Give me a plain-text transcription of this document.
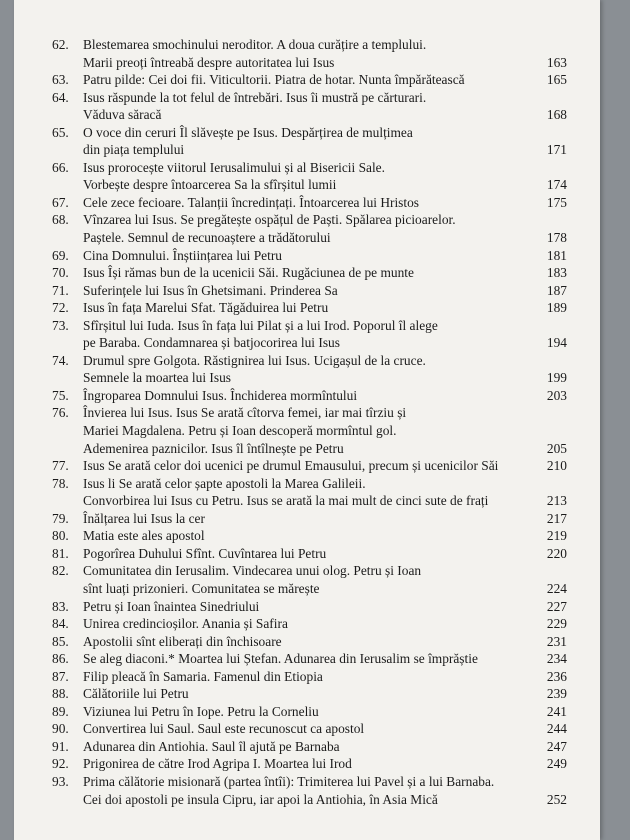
62.	Blestemarea smochinului neroditor. A doua curățire a templului.
Marii preoți întreabă despre autoritatea lui Isus	163
63.	Patru pilde: Cei doi fii. Viticultorii. Piatra de hotar. Nunta împărătească	165
64.	Isus răspunde la tot felul de întrebări. Isus îi mustră pe cărturari.
Văduva săracă	168
65.	O voce din ceruri Îl slăvește pe Isus. Despărțirea de mulțimea
din piața templului	171
66.	Isus prorocește viitorul Ierusalimului și al Bisericii Sale.
Vorbește despre întoarcerea Sa la sfîrșitul lumii	174
67.	Cele zece fecioare. Talanții încredințați. Întoarcerea lui Hristos	175
68.	Vînzarea lui Isus. Se pregătește ospățul de Paști. Spălarea picioarelor.
Paștele. Semnul de recunoaștere a trădătorului	178
69.	Cina Domnului. Înștiințarea lui Petru	181
70.	Isus Își rămas bun de la ucenicii Săi. Rugăciunea de pe munte	183
71.	Suferințele lui Isus în Ghetsimani. Prinderea Sa	187
72.	Isus în fața Marelui Sfat. Tăgăduirea lui Petru	189
73.	Sfîrșitul lui Iuda. Isus în fața lui Pilat și a lui Irod. Poporul îl alege
pe Baraba. Condamnarea și batjocorirea lui Isus	194
74.	Drumul spre Golgota. Răstignirea lui Isus. Ucigașul de la cruce.
Semnele la moartea lui Isus	199
75.	Îngroparea Domnului Isus. Închiderea mormîntului	203
76.	Învierea lui Isus. Isus Se arată cîtorva femei, iar mai tîrziu și
Mariei Magdalena. Petru și Ioan descoperă mormîntul gol.
Ademenirea paznicilor. Isus îl întîlnește pe Petru	205
77.	Isus Se arată celor doi ucenici pe drumul Emausului, precum și ucenicilor Săi	210
78.	Isus li Se arată celor șapte apostoli la Marea Galileii.
Convorbirea lui Isus cu Petru. Isus se arată la mai mult de cinci sute de frați	213
79.	Înălțarea lui Isus la cer	217
80.	Matia este ales apostol	219
81.	Pogorîrea Duhului Sfînt. Cuvîntarea lui Petru	220
82.	Comunitatea din Ierusalim. Vindecarea unui olog. Petru și Ioan
sînt luați prizonieri. Comunitatea se mărește	224
83.	Petru și Ioan înaintea Sinedriului	227
84.	Unirea credincioșilor. Anania și Safira	229
85.	Apostolii sînt eliberați din închisoare	231
86.	Se aleg diaconi.* Moartea lui Ștefan. Adunarea din Ierusalim se împrăștie	234
87.	Filip pleacă în Samaria. Famenul din Etiopia	236
88.	Călătoriile lui Petru	239
89.	Viziunea lui Petru în Iope. Petru la Corneliu	241
90.	Convertirea lui Saul. Saul este recunoscut ca apostol	244
91.	Adunarea din Antiohia. Saul îl ajută pe Barnaba	247
92.	Prigonirea de către Irod Agripa I. Moartea lui Irod	249
93.	Prima călătorie misionară (partea întîi): Trimiterea lui Pavel și a lui Barnaba.
Cei doi apostoli pe insula Cipru, iar apoi la Antiohia, în Asia Mică	252
